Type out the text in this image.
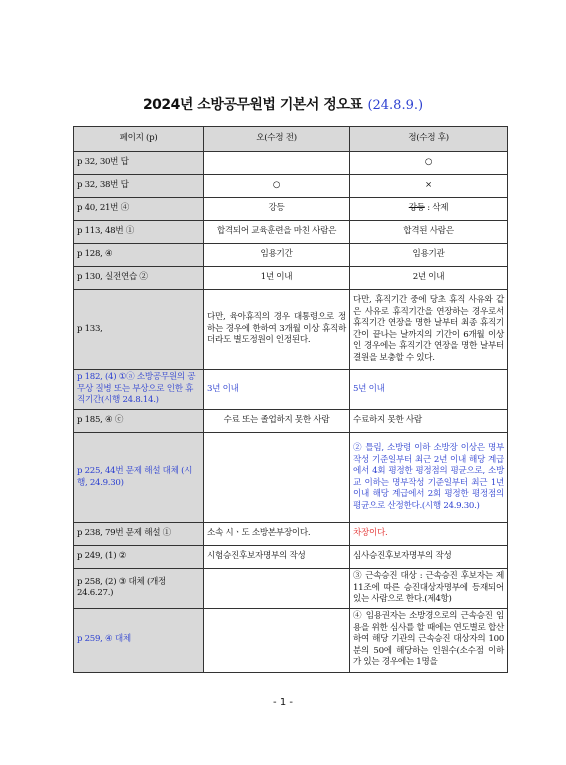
2024년 소방공무원법 기본서 정오표 (24.8.9.)
페이지 (p)	오(수정 전)	정(수정 후)
p 32, 30번 답		○
p 32, 38번 답	○	×
p 40, 21번 ④	강등	강등 : 삭제
p 113, 48번 ①	합격되어 교육훈련을 마친 사람은	합격된 사람은
p 128, ④	임용기간	임용기관
p 130, 실전연습 ②	1년 이내	2년 이내
p 133,	다만, 육아휴직의 경우 대통령으로 정하는 경우에 한하여 3개월 이상 휴직하더라도 별도정원이 인정된다.	다만, 휴직기간 중에 당초 휴직 사유와 같은 사유로 휴직기간을 연장하는 경우로서 휴직기간 연장을 명한 날부터 최종 휴직기간이 끝나는 날까지의 기간이 6개월 이상인 경우에는 휴직기간 연장을 명한 날부터 결원을 보충할 수 있다.
p 182, (4) ①ⓐ 소방공무원의 공무상 질병 또는 부상으로 인한 휴직기간(시행 24.8.14.)	3년 이내	5년 이내
p 185, ④ ⓒ	수료 또는 졸업하지 못한 사람	수료하지 못한 사람
p 225, 44번 문제 해설 대체 (시행, 24.9.30)		② 틀림, 소방령 이하 소방장 이상은 명부작성 기준일부터 최근 2년 이내 해당 계급에서 4회 평정한 평정점의 평균으로, 소방교 이하는 명부작성 기준일부터 최근 1년 이내 해당 계급에서 2회 평정한 평정점의 평균으로 산정한다.(시행 24.9.30.)
p 238, 79번 문제 해설 ①	소속 시ㆍ도 소방본부장이다.	차장이다.
p 249, (1) ②	시험승진후보자명부의 작성	심사승진후보자명부의 작성
p 258, (2) ③ 대체 (개정 24.6.27.)		③ 근속승진 대상 : 근속승진 후보자는 제11조에 따른 승진대상자명부에 등재되어 있는 사람으로 한다.(제4항)
p 259, ④ 대체		④ 임용권자는 소방경으로의 근속승진 임용을 위한 심사를 할 때에는 연도별로 합산하여 해당 기관의 근속승진 대상자의 100분의 50에 해당하는 인원수(소수점 이하가 있는 경우에는 1명을
- 1 -
